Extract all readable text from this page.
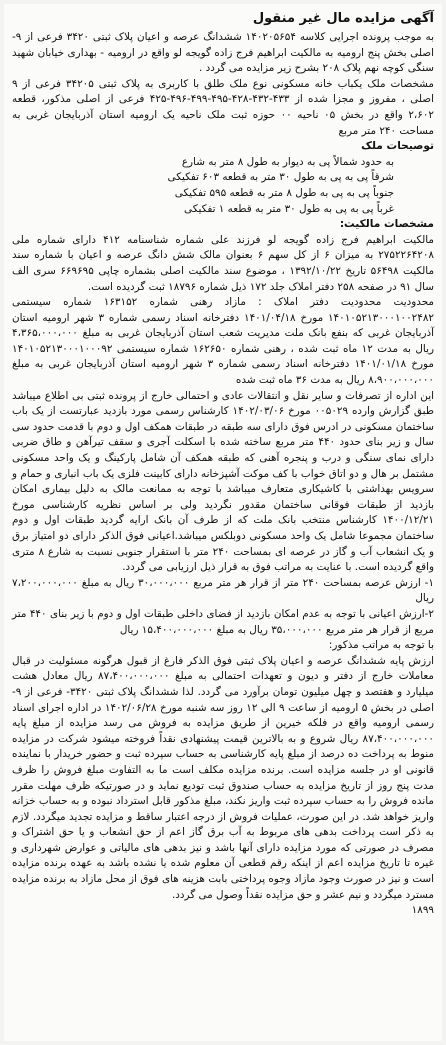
آگهی مزایده مال غیر منقول

به موجب پرونده اجرایی کلاسه ۱۴۰۲۰۵۶۵۴ ششدانگ عرصه و اعیان پلاک ثبتی ۳۴۲۰ فرعی از ۹- اصلی بخش پنج ارومیه به مالکیت ابراهیم فرج زاده گویجه لو واقع در ارومیه - بهداری خیابان شهید سنگی کوچه نهم پلاک ۲۰۸ بشرح زیر مزایده می گردد .

مشخصات ملک یکباب خانه مسکونی نوع ملک طلق با کاربری به پلاک ثبتی ۳۴۲۰۵ فرعی از ۹ اصلی ، مفروز و مجزا شده از ۴۳۳-۴۳۲-۴۲۸-۴۹۵-۴۹۹-۴۹۶-۴۲۵ فرعی از اصلی مذکور، قطعه ۲،۶۰۲ واقع در بخش ۰۵ ناحیه ۰۰ حوزه ثبت ملک ناحیه یک ارومیه استان آذربایجان غربی به مساحت ۲۴۰ متر مربع

توصیحات ملک
به حدود شمالاً پی به دیوار به طول ۸ متر به شارع
شرقاً پی به پی به طول ۳۰ متر به قطعه ۶۰۳ تفکیکی
جنوباً پی به پی به طول ۸ متر به قطعه ۵۹۵ تفکیکی
غرباً پی به پی به طول ۳۰ متر به قطعه ۱ تفکیکی
مشخصات مالکیت:

مالکیت ابراهیم فرج زاده گویجه لو فرزند علی شماره شناسنامه ۴۱۲ دارای شماره ملی ۲۷۵۲۲۶۴۲۰۸ به میزان ۶ از کل سهم ۶ بعنوان مالک شش دانگ عرصه و اعیان با شماره سند مالکیت ۵۶۴۹۸ تاریخ ۱۳۹۲/۱۰/۲۲ ، موضوع سند مالکیت اصلی بشماره چاپی ۶۶۹۶۹۵ سری الف سال ۹۱ در صفحه ۲۵۸ دفتر املاک جلد ۱۷۲ ذیل شماره ۱۸۷۹۶ ثبت گردیده است.

محدودیت محدودیت دفتر املاک : مازاد رهنی شماره ۱۶۳۱۵۲ شماره سیستمی ۱۴۰۱۰۵۲۱۳۰۰۰۱۰۰۲۴۸۲ مورخ ۱۴۰۱/۰۴/۱۸ دفترخانه اسناد رسمی شماره ۳ شهر ارومیه استان آذربایجان غربی که بنفع بانک ملت مدیریت شعب استان آذربایجان غربی به مبلغ ۴،۳۶۵،۰۰۰،۰۰۰ ریال به مدت ۱۲ ماه ثبت شده ، رهنی شماره ۱۶۲۶۵۰ شماره سیستمی ۱۴۰۱۰۵۲۱۳۰۰۰۱۰۰۰۹۲ مورخ ۱۴۰۱/۰۱/۱۸ دفترخانه اسناد رسمی شماره ۳ شهر ارومیه استان آذربایجان غربی به مبلغ ۸،۹۰۰،۰۰۰،۰۰۰ ریال به مدت ۳۶ ماه ثبت شده

این اداره از تصرفات و سایر نقل و انتقالات عادی و احتمالی خارج از پرونده ثبتی بی اطلاع میباشد طبق گزارش وارده ۰۰۵۰۲۹ مورخ ۱۴۰۲/۰۳/۰۶ کارشناس رسمی مورد بازدید عبارتست از یک باب ساختمان مسکونی در ادرس فوق دارای سه طبقه در طبقات همکف اول و دوم با قدمت حدود سی سال و زیر بنای حدود ۴۴۰ متر مربع ساخته شده با اسکلت آجری و سقف تیرآهن و طاق ضربی دارای نمای سنگی و درب و پنجره آهنی که طبقه همکف آن شامل پارکینگ و یک واحد مسکونی مشتمل بر هال و دو اتاق خواب با کف موکت آشپزخانه دارای کابینت فلزی یک باب انباری و حمام و سرویس بهداشتی با کاشیکاری متعارف میباشد با توجه به ممانعت مالک به دلیل بیماری امکان بازدید از طبقات فوقانی ساختمان مقدور نگردید ولی بر اساس نظریه کارشناسی مورخ ۱۴۰۰/۱۲/۲۱ کارشناس منتخب بانک ملت که از طرف آن بانک ارایه گردید طبقات اول و دوم ساختمان مجموعا شامل یک واحد مسکونی دوبلکس میباشد.اعیانی فوق الذکر دارای دو امتیاز برق و یک انشعاب آب و گاز در عرصه ای بمساحت ۲۴۰ متر با استقرار جنوبی نسبت به شارع ۸ متری واقع گردیده است. با عنایت به مراتب فوق به قرار ذیل ارزیابی می گردد.

۱- ارزش عرصه بمساحت ۲۴۰ متر از قرار هر متر مربع ۳۰،۰۰۰،۰۰۰ ریال به مبلغ ۷،۲۰۰،۰۰۰،۰۰۰ ریال

۲-ارزش اعیانی با توجه به عدم امکان بازدید از فضای داخلی طبقات اول و دوم با زیر بنای ۴۴۰ متر مربع از قرار هر متر مربع ۳۵،۰۰۰،۰۰۰ ریال به مبلغ ۱۵،۴۰۰،۰۰۰،۰۰۰ ریال

با توجه به مراتب مذکور:

ارزش پایه ششدانگ عرصه و اعیان پلاک ثبتی فوق الذکر فارغ از قبول هرگونه مسئولیت در قبال معاملات خارج از دفتر و دیون و تعهدات احتمالی به مبلغ ۸۷،۴۰۰،۰۰۰،۰۰۰ ریال معادل هشت میلیارد و هفتصد و چهل میلیون تومان برآورد می گردد. لذا ششدانگ پلاک ثبتی ۳۴۲۰- فرعی از ۹- اصلی در بخش ۵ ارومیه از ساعت ۹ الی ۱۲ روز سه شنبه مورخ ۱۴۰۲/۰۶/۲۸ در اداره اجرای اسناد رسمی ارومیه واقع در فلکه خیرین از طریق مزایده به فروش می رسد مزایده از مبلغ پایه ۸۷،۴۰۰،۰۰۰،۰۰۰ ریال شروع و به بالاترین قیمت پیشنهادی نقداً فروخته میشود شرکت در مزایده منوط به پرداخت ده درصد از مبلغ پایه کارشناسی به حساب سپرده ثبت و حضور خریدار با نماینده قانونی او در جلسه مزایده است. برنده مزایده مکلف است ما به التفاوت مبلغ فروش را ظرف مدت پنج روز از تاریخ مزایده به حساب صندوق ثبت تودیع نماید و در صورتیکه ظرف مهلت مقرر مانده فروش را به حساب سپرده ثبت واریز نکند، مبلغ مذکور قابل استرداد نبوده و به حساب خزانه واریز خواهد شد. در این صورت، عملیات فروش از درجه اعتبار ساقط و مزایده تجدید میگردد. لازم به ذکر است پرداخت بدهی های مربوط به آب برق گاز اعم از حق انشعاب و یا حق اشتراک و مصرف در صورتی که مورد مزایده دارای آنها باشد و نیز بدهی های مالیاتی و عوارض شهرداری و غیره تا تاریخ مزایده اعم از اینکه رقم قطعی آن معلوم شده یا نشده باشد به عهده برنده مزایده است و نیز در صورت وجود مازاد وجوه پرداختی بابت هزینه های فوق از محل مازاد به برنده مزایده مسترد میگردد و نیم عشر و حق مزایده نقداً وصول می گردد.

۱۸۹۹
